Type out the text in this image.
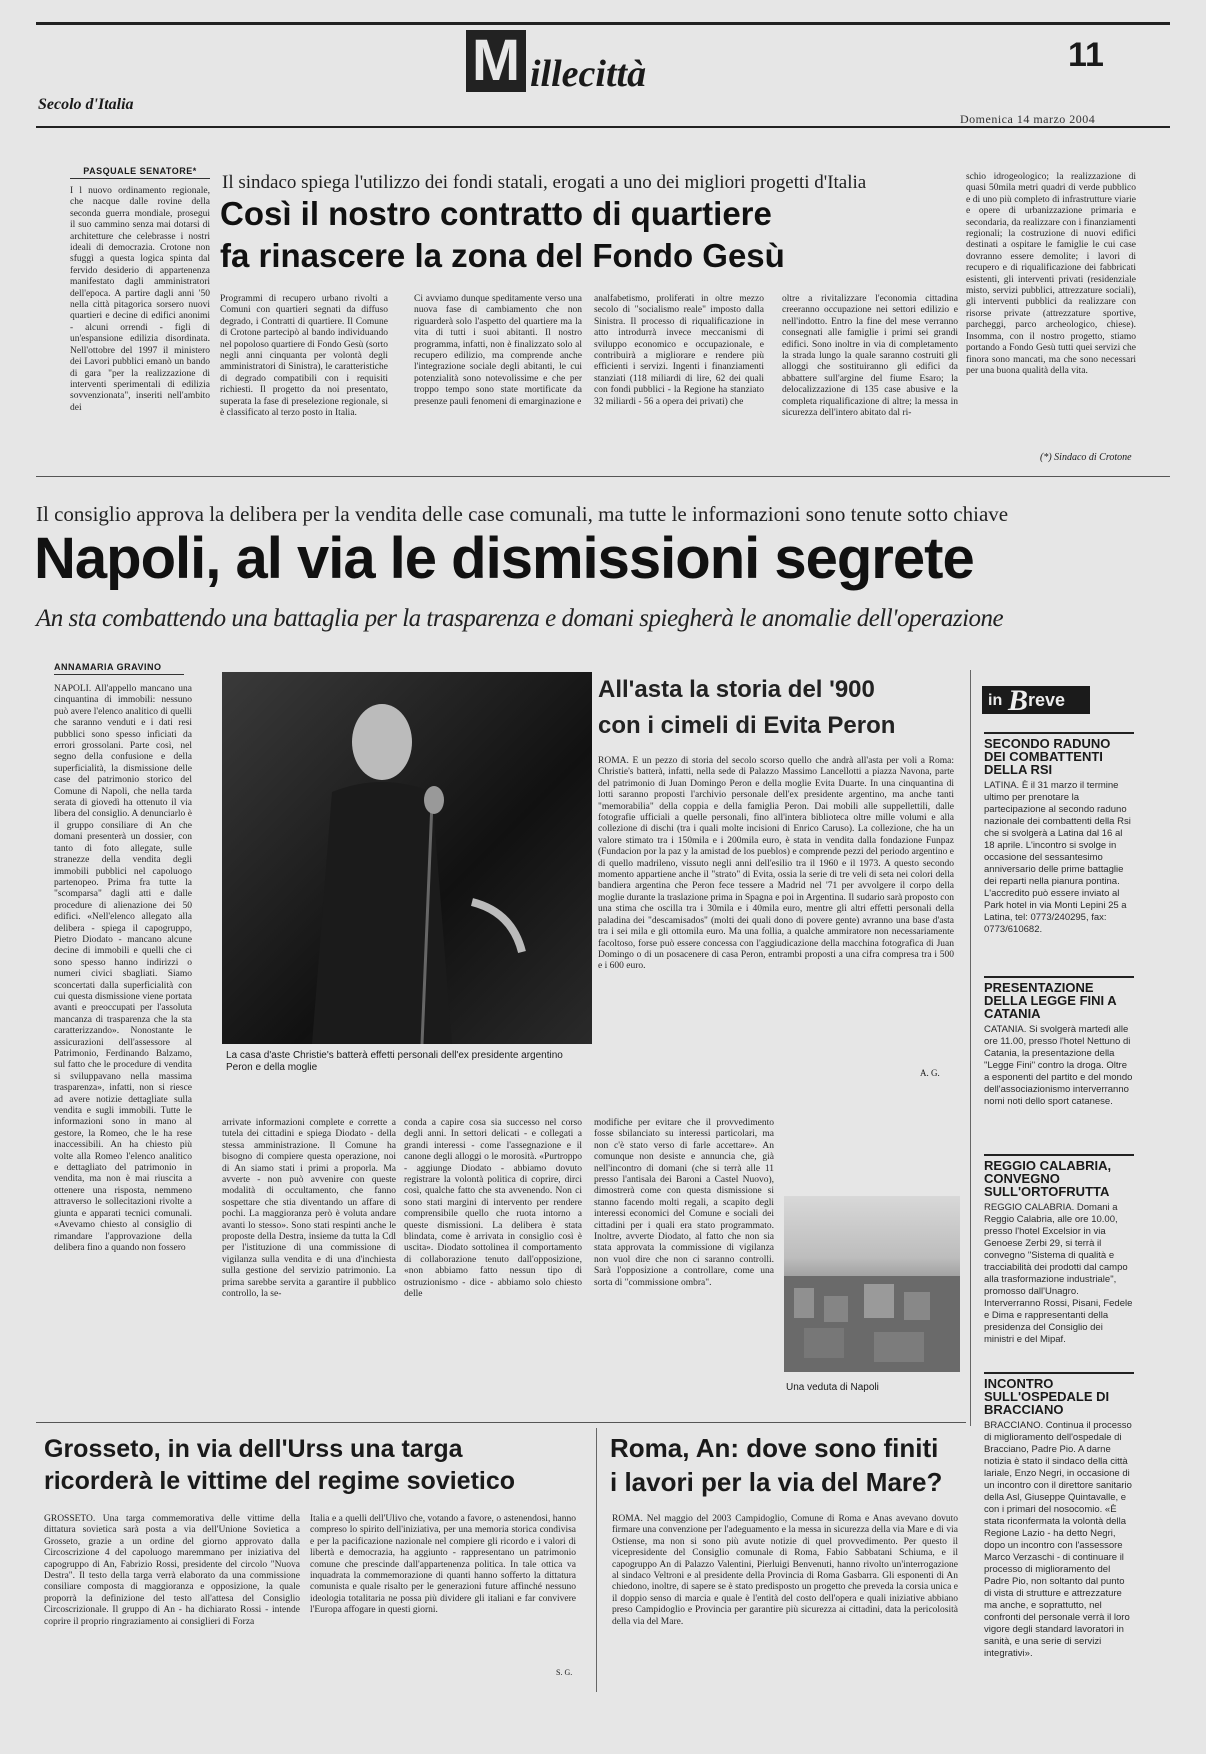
M illecittà	11
Secolo d'Italia
Domenica 14 marzo 2004
PASQUALE SENATORE*
Il sindaco spiega l'utilizzo dei fondi statali, erogati a uno dei migliori progetti d'Italia
Così il nostro contratto di quartiere
fa rinascere la zona del Fondo Gesù
I l nuovo ordinamento regionale, che nacque dalle rovine della seconda guerra mondiale, prosegui il suo cammino senza mai dotarsi di architetture che celebrasse i nostri ideali di democrazia. Crotone non sfuggì a questa logica spinta dal fervido desiderio di appartenenza manifestato dagli amministratori dell'epoca. A partire dagli anni '50 nella città pitagorica sorsero nuovi quartieri e decine di edifici anonimi - alcuni orrendi - figli di un'espansione edilizia disordinata. Nell'ottobre del 1997 il ministero dei Lavori pubblici emanò un bando di gara "per la realizzazione di interventi sperimentali di edilizia sovvenzionata", inseriti nell'ambito dei
Programmi di recupero urbano rivolti a Comuni con quartieri segnati da diffuso degrado, i Contratti di quartiere. Il Comune di Crotone partecipò al bando individuando nel popoloso quartiere di Fondo Gesù (sorto negli anni cinquanta per volontà degli amministratori di Sinistra), le caratteristiche di degrado compatibili con i requisiti richiesti. Il progetto da noi presentato, superata la fase di preselezione regionale, si è classificato al terzo posto in Italia.
Ci avviamo dunque speditamente verso una nuova fase di cambiamento che non riguarderà solo l'aspetto del quartiere ma la vita di tutti i suoi abitanti. Il nostro programma, infatti, non è finalizzato solo al recupero edilizio, ma comprende anche l'integrazione sociale degli abitanti, le cui potenzialità sono notevolissime e che per troppo tempo sono state mortificate da presenze pauli fenomeni di emarginazione e
analfabetismo, proliferati in oltre mezzo secolo di "socialismo reale" imposto dalla Sinistra. Il processo di riqualificazione in atto introdurrà invece meccanismi di sviluppo economico e occupazionale, e contribuirà a migliorare e rendere più efficienti i servizi. Ingenti i finanziamenti stanziati (118 miliardi di lire, 62 dei quali con fondi pubblici - la Regione ha stanziato 32 miliardi - 56 a opera dei privati) che
oltre a rivitalizzare l'economia cittadina creeranno occupazione nei settori edilizio e nell'indotto. Entro la fine del mese verranno consegnati alle famiglie i primi sei grandi edifici. Sono inoltre in via di completamento la strada lungo la quale saranno costruiti gli alloggi che sostituiranno gli edifici da abbattere sull'argine del fiume Esaro; la delocalizzazione di 135 case abusive e la completa riqualificazione di altre; la messa in sicurezza dell'intero abitato dal ri-
schio idrogeologico; la realizzazione di quasi 50mila metri quadri di verde pubblico e di uno più completo di infrastrutture viarie e opere di urbanizzazione primaria e secondaria, da realizzare con i finanziamenti regionali; la costruzione di nuovi edifici destinati a ospitare le famiglie le cui case dovranno essere demolite; i lavori di recupero e di riqualificazione dei fabbricati esistenti, gli interventi privati (residenziale misto, servizi pubblici, attrezzature sociali), gli interventi pubblici da realizzare con risorse private (attrezzature sportive, parcheggi, parco archeologico, chiese). Insomma, con il nostro progetto, stiamo portando a Fondo Gesù tutti quei servizi che finora sono mancati, ma che sono necessari per una buona qualità della vita.
(*) Sindaco di Crotone
Il consiglio approva la delibera per la vendita delle case comunali, ma tutte le informazioni sono tenute sotto chiave
Napoli, al via le dismissioni segrete
An sta combattendo una battaglia per la trasparenza e domani spiegherà le anomalie dell'operazione
ANNAMARIA GRAVINO
NAPOLI. All'appello mancano una cinquantina di immobili: nessuno può avere l'elenco analitico di quelli che saranno venduti e i dati resi pubblici sono spesso inficiati da errori grossolani. Parte così, nel segno della confusione e della superficialità, la dismissione delle case del patrimonio storico del Comune di Napoli, che nella tarda serata di giovedì ha ottenuto il via libera del consiglio. A denunciarlo è il gruppo consiliare di An che domani presenterà un dossier, con tanto di foto allegate, sulle stranezze della vendita degli immobili pubblici nel capoluogo partenopeo. Prima fra tutte la "scomparsa" dagli atti e dalle procedure di alienazione dei 50 edifici. «Nell'elenco allegato alla delibera - spiega il capogruppo, Pietro Diodato - mancano alcune decine di immobili e quelli che ci sono spesso hanno indirizzi o numeri civici sbagliati. Siamo sconcertati dalla superficialità con cui questa dismissione viene portata avanti e preoccupati per l'assoluta mancanza di trasparenza che la sta caratterizzando». Nonostante le assicurazioni dell'assessore al Patrimonio, Ferdinando Balzamo, sul fatto che le procedure di vendita si sviluppavano nella massima trasparenza», infatti, non si riesce ad avere notizie dettagliate sulla vendita e sugli immobili. Tutte le informazioni sono in mano al gestore, la Romeo, che le ha rese inaccessibili. An ha chiesto più volte alla Romeo l'elenco analitico e dettagliato del patrimonio in vendita, ma non è mai riuscita a ottenere una risposta, nemmeno attraverso le sollecitazioni rivolte a giunta e apparati tecnici comunali. «Avevamo chiesto al consiglio di rimandare l'approvazione della delibera fino a quando non fossero
La casa d'aste Christie's batterà effetti personali dell'ex presidente argentino Peron e della moglie
All'asta la storia del '900
con i cimeli di Evita Peron
ROMA. È un pezzo di storia del secolo scorso quello che andrà all'asta per voli a Roma: Christie's batterà, infatti, nella sede di Palazzo Massimo Lancellotti a piazza Navona, parte del patrimonio di Juan Domingo Peron e della moglie Evita Duarte. In una cinquantina di lotti saranno proposti l'archivio personale dell'ex presidente argentino, ma anche tanti "memorabilia" della coppia e della famiglia Peron. Dai mobili alle suppellettili, dalle fotografie ufficiali a quelle personali, fino all'intera biblioteca oltre mille volumi e alla collezione di dischi (tra i quali molte incisioni di Enrico Caruso). La collezione, che ha un valore stimato tra i 150mila e i 200mila euro, è stata in vendita dalla fondazione Funpaz (Fundacion por la paz y la amistad de los pueblos) e comprende pezzi del periodo argentino e di quello madrileno, vissuto negli anni dell'esilio tra il 1960 e il 1973. A questo secondo momento appartiene anche il "strato" di Evita, ossia la serie di tre veli di seta nei colori della bandiera argentina che Peron fece tessere a Madrid nel '71 per avvolgere il corpo della moglie durante la traslazione prima in Spagna e poi in Argentina. Il sudario sarà proposto con una stima che oscilla tra i 30mila e i 40mila euro, mentre gli altri effetti personali della paladina dei "descamisados" (molti dei quali dono di povere gente) avranno una base d'asta tra i sei mila e gli ottomila euro. Ma una follia, a qualche ammiratore non necessariamente facoltoso, forse può essere concessa con l'aggiudicazione della macchina fotografica di Juan Domingo o di un posacenere di casa Peron, entrambi proposti a una cifra compresa tra i 500 e i 600 euro.
A. G.
in B reve
SECONDO RADUNO DEI COMBATTENTI DELLA RSI
LATINA. È il 31 marzo il termine ultimo per prenotare la partecipazione al secondo raduno nazionale dei combattenti della Rsi che si svolgerà a Latina dal 16 al 18 aprile. L'incontro si svolge in occasione del sessantesimo anniversario delle prime battaglie dei reparti nella pianura pontina. L'accredito può essere inviato al Park hotel in via Monti Lepini 25 a Latina, tel: 0773/240295, fax: 0773/610682.
PRESENTAZIONE DELLA LEGGE FINI A CATANIA
CATANIA. Si svolgerà martedì alle ore 11.00, presso l'hotel Nettuno di Catania, la presentazione della "Legge Fini" contro la droga. Oltre a esponenti del partito e del mondo dell'associazionismo interverranno nomi noti dello sport catanese.
REGGIO CALABRIA, CONVEGNO SULL'ORTOFRUTTA
REGGIO CALABRIA. Domani a Reggio Calabria, alle ore 10.00, presso l'hotel Excelsior in via Genoese Zerbi 29, si terrà il convegno "Sistema di qualità e tracciabilità dei prodotti dal campo alla trasformazione industriale", promosso dall'Unagro. Interverranno Rossi, Pisani, Fedele e Dima e rappresentanti della presidenza del Consiglio dei ministri e del Mipaf.
INCONTRO SULL'OSPEDALE DI BRACCIANO
BRACCIANO. Continua il processo di miglioramento dell'ospedale di Bracciano, Padre Pio. A darne notizia è stato il sindaco della città lariale, Enzo Negri, in occasione di un incontro con il direttore sanitario della Asl, Giuseppe Quintavalle, e con i primari del nosocomio. «È stata riconfermata la volontà della Regione Lazio - ha detto Negri, dopo un incontro con l'assessore Marco Verzaschi - di continuare il processo di miglioramento del Padre Pio, non soltanto dal punto di vista di strutture e attrezzature ma anche, e soprattutto, nel confronti del personale verrà il loro vigore degli standard lavoratori in sanità, e una serie di servizi integrativi».
arrivate informazioni complete e corrette a tutela dei cittadini e spiega Diodato - della stessa amministrazione. Il Comune ha bisogno di compiere questa operazione, noi di An siamo stati i primi a proporla. Ma avverte - non può avvenire con queste modalità di occultamento, che fanno sospettare che stia diventando un affare di pochi. La maggioranza però è voluta andare avanti lo stesso». Sono stati respinti anche le proposte della Destra, insieme da tutta la Cdl per l'istituzione di una commissione di vigilanza sulla vendita e di una d'inchiesta sulla gestione del servizio patrimonio. La prima sarebbe servita a garantire il pubblico controllo, la se-
conda a capire cosa sia successo nel corso degli anni. In settori delicati - e collegati a grandi interessi - come l'assegnazione e il canone degli alloggi o le morosità. «Purtroppo - aggiunge Diodato - abbiamo dovuto registrare la volontà politica di coprire, dirci così, qualche fatto che sta avvenendo. Non ci sono stati margini di intervento per rendere comprensibile quello che ruota intorno a queste dismissioni. La delibera è stata blindata, come è arrivata in consiglio così è uscita». Diodato sottolinea il comportamento di collaborazione tenuto dall'opposizione, «non abbiamo fatto nessun tipo di ostruzionismo - dice - abbiamo solo chiesto delle
modifiche per evitare che il provvedimento fosse sbilanciato su interessi particolari, ma non c'è stato verso di farle accettare». An comunque non desiste e annuncia che, già nell'incontro di domani (che si terrà alle 11 presso l'antisala dei Baroni a Castel Nuovo), dimostrerà come con questa dismissione si stanno facendo molti regali, a scapito degli interessi economici del Comune e sociali dei cittadini per i quali era stato programmato. Inoltre, avverte Diodato, al fatto che non sia stata approvata la commissione di vigilanza non vuol dire che non ci saranno controlli. Sarà l'opposizione a controllare, come una sorta di "commissione ombra".
Una veduta di Napoli
Grosseto, in via dell'Urss una targa
ricorderà le vittime del regime sovietico
GROSSETO. Una targa commemorativa delle vittime della dittatura sovietica sarà posta a via dell'Unione Sovietica a Grosseto, grazie a un ordine del giorno approvato dalla Circoscrizione 4 del capoluogo maremmano per iniziativa del capogruppo di An, Fabrizio Rossi, presidente del circolo "Nuova Destra". Il testo della targa verrà elaborato da una commissione consiliare composta di maggioranza e opposizione, la quale proporrà la definizione del testo all'attesa del Consiglio Circoscrizionale. Il gruppo di An - ha dichiarato Rossi - intende coprire il proprio ringraziamento ai consiglieri di Forza
Italia e a quelli dell'Ulivo che, votando a favore, o astenendosi, hanno compreso lo spirito dell'iniziativa, per una memoria storica condivisa e per la pacificazione nazionale nel compiere gli ricordo e i valori di libertà e democrazia, ha aggiunto - rappresentano un patrimonio comune che prescinde dall'appartenenza politica. In tale ottica va inquadrata la commemorazione di quanti hanno sofferto la dittatura comunista e quale risalto per le generazioni future affinché nessuno ideologia totalitaria ne possa più dividere gli italiani e far convivere l'Europa affogare in questi giorni.
S. G.
Roma, An: dove sono finiti
i lavori per la via del Mare?
ROMA. Nel maggio del 2003 Campidoglio, Comune di Roma e Anas avevano dovuto firmare una convenzione per l'adeguamento e la messa in sicurezza della via Mare e di via Ostiense, ma non si sono più avute notizie di quel provvedimento. Per questo il vicepresidente del Consiglio comunale di Roma, Fabio Sabbatani Schiuma, e il capogruppo An di Palazzo Valentini, Pierluigi Benvenuti, hanno rivolto un'interrogazione al sindaco Veltroni e al presidente della Provincia di Roma Gasbarra. Gli esponenti di An chiedono, inoltre, di sapere se è stato predisposto un progetto che preveda la corsia unica e il doppio senso di marcia e quale è l'entità del costo dell'opera e quali iniziative abbiano preso Campidoglio e Provincia per garantire più sicurezza ai cittadini, data la pericolosità della via del Mare.
